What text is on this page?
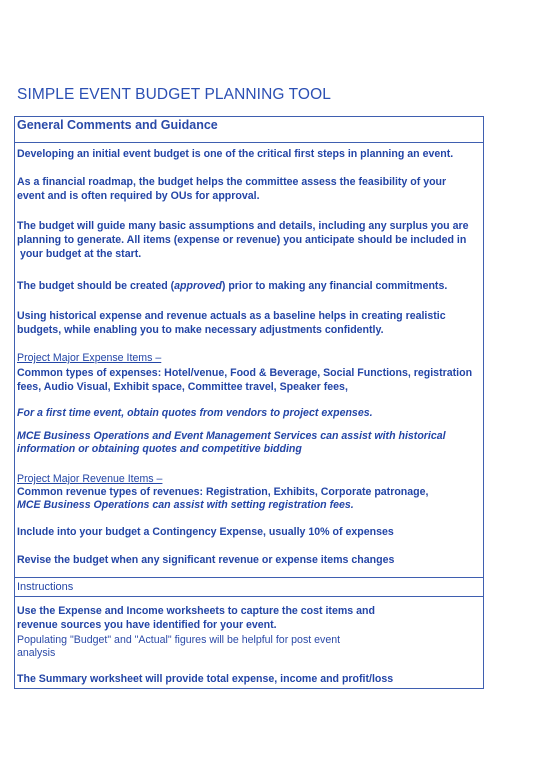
SIMPLE EVENT BUDGET PLANNING TOOL
General Comments and Guidance
Developing an initial event budget is one of the critical first steps in planning an event.
As a financial roadmap, the budget helps the committee assess the feasibility of your
event and is often required by OUs for approval.
The budget will guide many basic assumptions and details, including any surplus you are
planning to generate. All items (expense or revenue) you anticipate should be included in
your budget at the start.
The budget should be created (approved) prior to making any financial commitments.
Using historical expense and revenue actuals as a baseline helps in creating realistic
budgets, while enabling you to make necessary adjustments confidently.
Project Major Expense Items –
Common types of expenses: Hotel/venue, Food & Beverage, Social Functions, registration
fees, Audio Visual, Exhibit space, Committee travel, Speaker fees,
For a first time event, obtain quotes from vendors to project expenses.
MCE Business Operations and Event Management Services can assist with historical
information or obtaining quotes and competitive bidding
Project Major Revenue Items –
Common revenue types of revenues: Registration, Exhibits, Corporate patronage,
MCE Business Operations can assist with setting registration fees.
Include into your budget a Contingency Expense, usually 10% of expenses
Revise the budget when any significant revenue or expense items changes
Instructions
Use the Expense and Income worksheets to capture the cost items and
revenue sources you have identified for your event.
Populating "Budget" and "Actual" figures will be helpful for post event
analysis
The Summary worksheet will provide total expense, income and profit/loss
